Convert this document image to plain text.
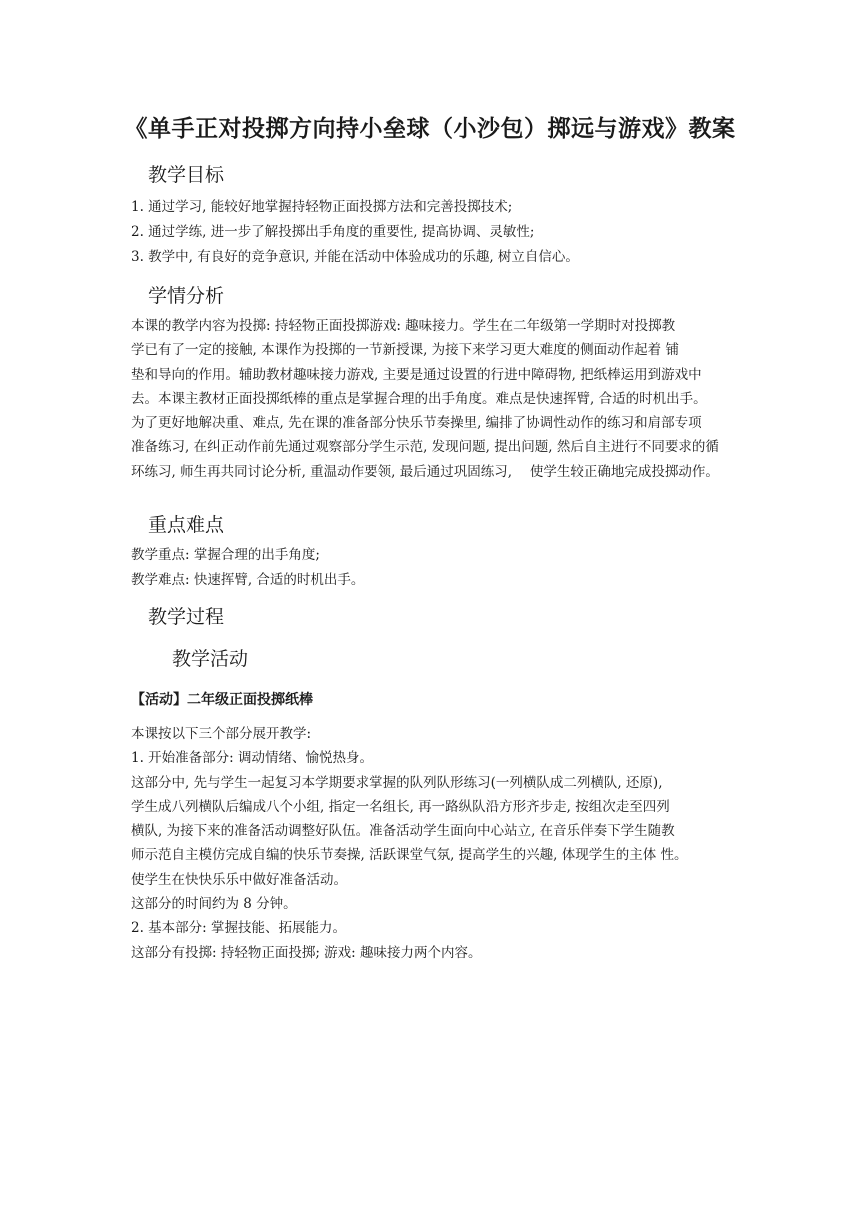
《单手正对投掷方向持小垒球（小沙包）掷远与游戏》教案
教学目标
1. 通过学习, 能较好地掌握持轻物正面投掷方法和完善投掷技术;
2. 通过学练, 进一步了解投掷出手角度的重要性, 提高协调、灵敏性;
3. 教学中, 有良好的竞争意识, 并能在活动中体验成功的乐趣, 树立自信心。
学情分析
本课的教学内容为投掷: 持轻物正面投掷游戏: 趣味接力。学生在二年级第一学期时对投掷教
学已有了一定的接触, 本课作为投掷的一节新授课, 为接下来学习更大难度的侧面动作起着 铺
垫和导向的作用。辅助教材趣味接力游戏, 主要是通过设置的行进中障碍物, 把纸棒运用到游戏中
去。本课主教材正面投掷纸棒的重点是掌握合理的出手角度。难点是快速挥臂, 合适的时机出手。
为了更好地解决重、难点, 先在课的准备部分快乐节奏操里, 编排了协调性动作的练习和肩部专项
准备练习, 在纠正动作前先通过观察部分学生示范, 发现问题, 提出问题, 然后自主进行不同要求的循
环练习, 师生再共同讨论分析, 重温动作要领, 最后通过巩固练习, 　使学生较正确地完成投掷动作。
重点难点
教学重点: 掌握合理的出手角度;
教学难点: 快速挥臂, 合适的时机出手。
教学过程
教学活动
【活动】二年级正面投掷纸棒
本课按以下三个部分展开教学:
1. 开始准备部分: 调动情绪、愉悦热身。
这部分中, 先与学生一起复习本学期要求掌握的队列队形练习(一列横队成二列横队, 还原),
学生成八列横队后编成八个小组, 指定一名组长, 再一路纵队沿方形齐步走, 按组次走至四列
横队, 为接下来的准备活动调整好队伍。准备活动学生面向中心站立, 在音乐伴奏下学生随教
师示范自主模仿完成自编的快乐节奏操, 活跃课堂气氛, 提高学生的兴趣, 体现学生的主体 性。
使学生在快快乐乐中做好准备活动。
这部分的时间约为 8 分钟。
2. 基本部分: 掌握技能、拓展能力。
这部分有投掷: 持轻物正面投掷; 游戏: 趣味接力两个内容。
